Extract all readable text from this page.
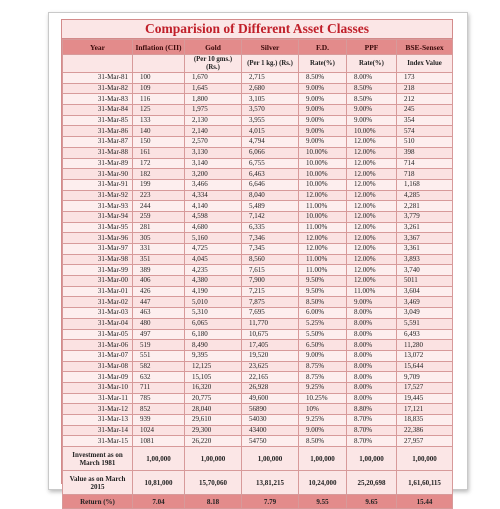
Comparision of Different Asset Classes
Year	Inflation (CII)	Gold	Silver	F.D.	PPF	BSE-Sensex
		(Per 10 gms.) (Rs.)	(Per 1 kg.) (Rs.)	Rate(%)	Rate(%)	Index Value
31-Mar-81	100	1,670	2,715	8.50%	8.00%	173
31-Mar-82	109	1,645	2,680	9.00%	8.50%	218
31-Mar-83	116	1,800	3,105	9.00%	8.50%	212
31-Mar-84	125	1,975	3,570	9.00%	9.00%	245
31-Mar-85	133	2,130	3,955	9.00%	9.00%	354
31-Mar-86	140	2,140	4,015	9.00%	10.00%	574
31-Mar-87	150	2,570	4,794	9.00%	12.00%	510
31-Mar-88	161	3,130	6,066	10.00%	12.00%	398
31-Mar-89	172	3,140	6,755	10.00%	12.00%	714
31-Mar-90	182	3,200	6,463	10.00%	12.00%	718
31-Mar-91	199	3,466	6,646	10.00%	12.00%	1,168
31-Mar-92	223	4,334	8,040	12.00%	12.00%	4,285
31-Mar-93	244	4,140	5,489	11.00%	12.00%	2,281
31-Mar-94	259	4,598	7,142	10.00%	12.00%	3,779
31-Mar-95	281	4,680	6,335	11.00%	12.00%	3,261
31-Mar-96	305	5,160	7,346	12.00%	12.00%	3,367
31-Mar-97	331	4,725	7,345	12.00%	12.00%	3,361
31-Mar-98	351	4,045	8,560	11.00%	12.00%	3,893
31-Mar-99	389	4,235	7,615	11.00%	12.00%	3,740
31-Mar-00	406	4,380	7,900	9.50%	12.00%	5011
31-Mar-01	426	4,190	7,215	9.50%	11.00%	3,604
31-Mar-02	447	5,010	7,875	8.50%	9.00%	3,469
31-Mar-03	463	5,310	7,695	6.00%	8.00%	3,049
31-Mar-04	480	6,065	11,770	5.25%	8.00%	5,591
31-Mar-05	497	6,180	10,675	5.50%	8.00%	6,493
31-Mar-06	519	8,490	17,405	6.50%	8.00%	11,280
31-Mar-07	551	9,395	19,520	9.00%	8.00%	13,072
31-Mar-08	582	12,125	23,625	8.75%	8.00%	15,644
31-Mar-09	632	15,105	22,165	8.75%	8.00%	9,709
31-Mar-10	711	16,320	26,928	9.25%	8.00%	17,527
31-Mar-11	785	20,775	49,600	10.25%	8.00%	19,445
31-Mar-12	852	28,040	56890	10%	8.80%	17,121
31-Mar-13	939	29,610	54030	9.25%	8.70%	18,835
31-Mar-14	1024	29,300	43400	9.00%	8.70%	22,386
31-Mar-15	1081	26,220	54750	8.50%	8.70%	27,957
Investment as on March 1981	1,00,000	1,00,000	1,00,000	1,00,000	1,00,000	1,00,000
Value as on March 2015	10,81,000	15,70,060	13,81,215	10,24,000	25,20,698	1,61,60,115
Return (%)	7.04	8.18	7.79	9.55	9.65	15.44
